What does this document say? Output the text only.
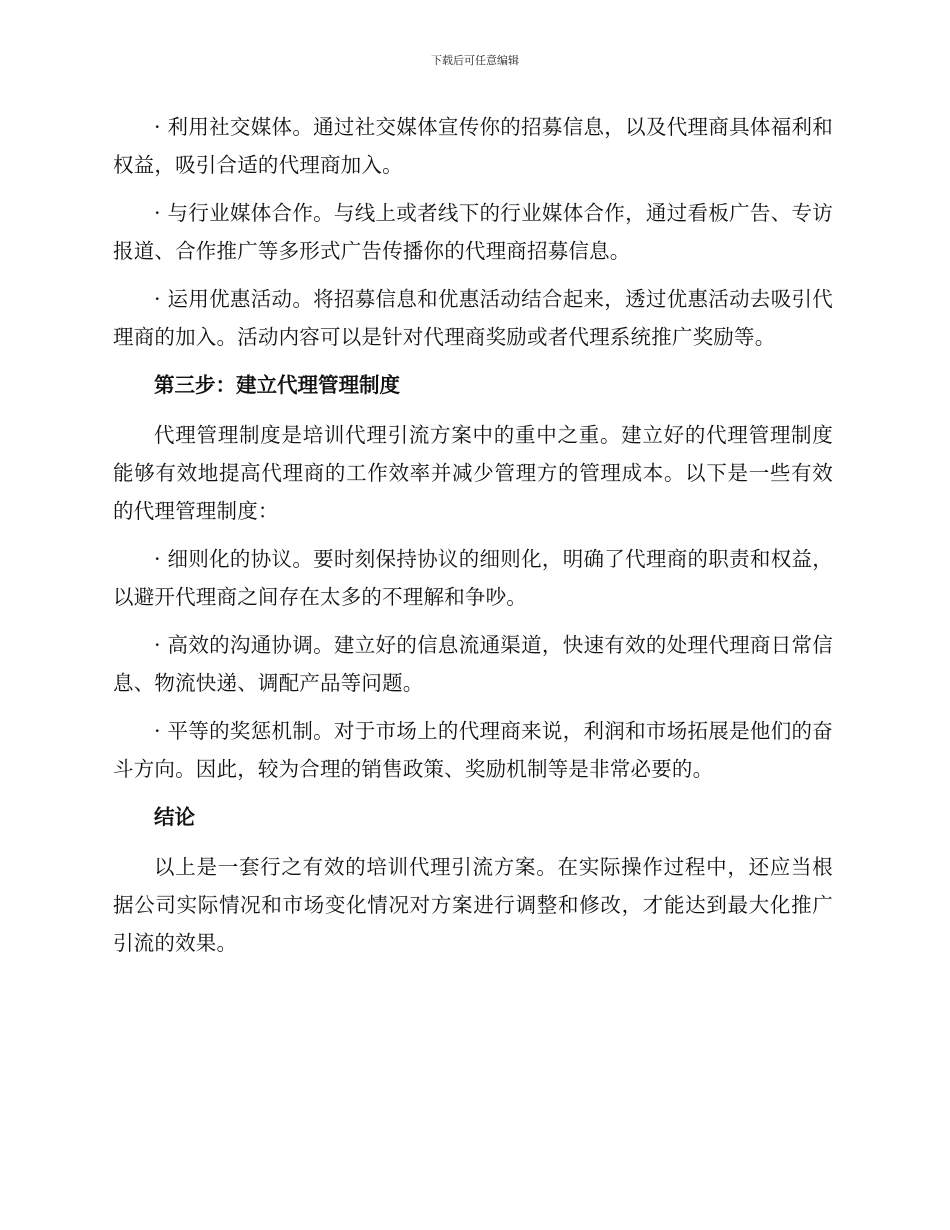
下载后可任意编辑

· 利用社交媒体。通过社交媒体宣传你的招募信息，以及代理商具体福利和权益，吸引合适的代理商加入。

· 与行业媒体合作。与线上或者线下的行业媒体合作，通过看板广告、专访报道、合作推广等多形式广告传播你的代理商招募信息。

· 运用优惠活动。将招募信息和优惠活动结合起来，透过优惠活动去吸引代理商的加入。活动内容可以是针对代理商奖励或者代理系统推广奖励等。

第三步：建立代理管理制度

代理管理制度是培训代理引流方案中的重中之重。建立好的代理管理制度能够有效地提高代理商的工作效率并减少管理方的管理成本。以下是一些有效的代理管理制度：

· 细则化的协议。要时刻保持协议的细则化，明确了代理商的职责和权益，以避开代理商之间存在太多的不理解和争吵。

· 高效的沟通协调。建立好的信息流通渠道，快速有效的处理代理商日常信息、物流快递、调配产品等问题。

· 平等的奖惩机制。对于市场上的代理商来说，利润和市场拓展是他们的奋斗方向。因此，较为合理的销售政策、奖励机制等是非常必要的。

结论

以上是一套行之有效的培训代理引流方案。在实际操作过程中，还应当根据公司实际情况和市场变化情况对方案进行调整和修改，才能达到最大化推广引流的效果。
